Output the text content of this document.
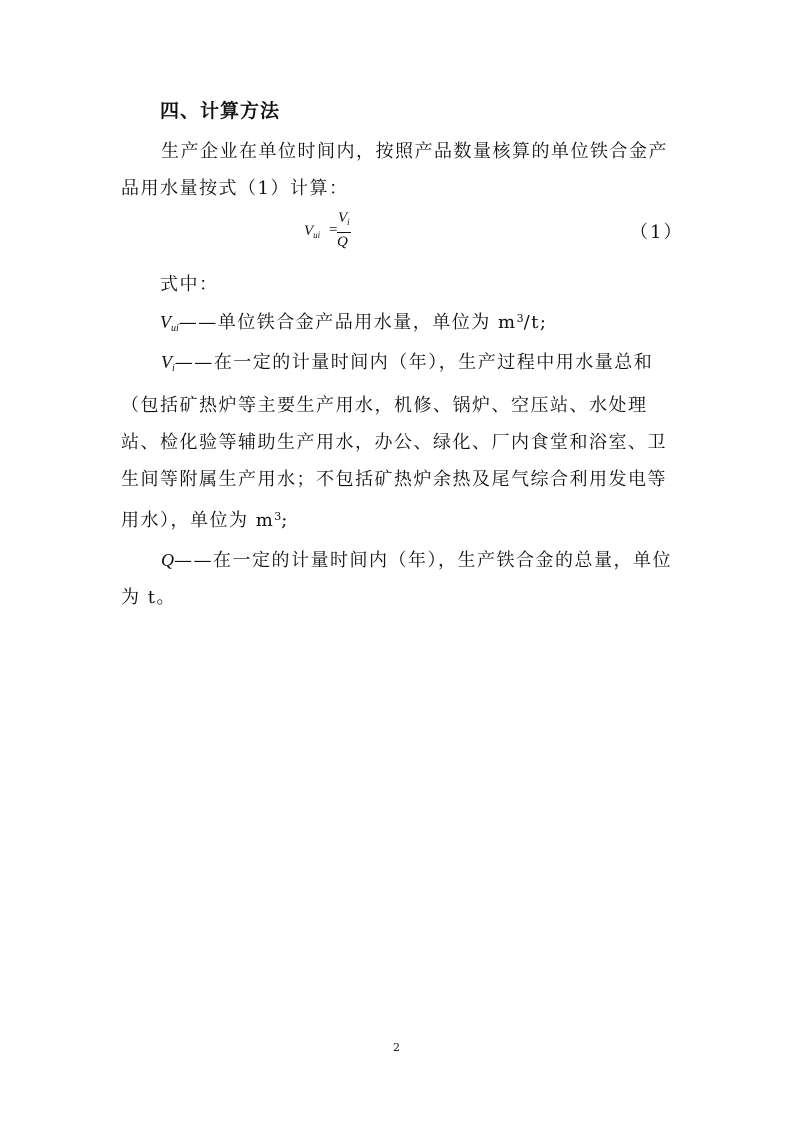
四、计算方法

生产企业在单位时间内，按照产品数量核算的单位铁合金产品用水量按式（1）计算：

$V_{ui}$ =
$V_i$
Q	（1）
式中：
$V_{ui}——$单位铁合金产品用水量，单位为 $m^3/t$;

$V_i——$在一定的计量时间内（年），生产过程中用水量总和（包括矿热炉等主要生产用水，机修、锅炉、空压站、水处理站、检化验等辅助生产用水，办公、绿化、厂内食堂和浴室、卫生间等附属生产用水；不包括矿热炉余热及尾气综合利用发电等用水），单位为 $m^3$;

Q——在一定的计量时间内（年），生产铁合金的总量，单位为 t。

2
